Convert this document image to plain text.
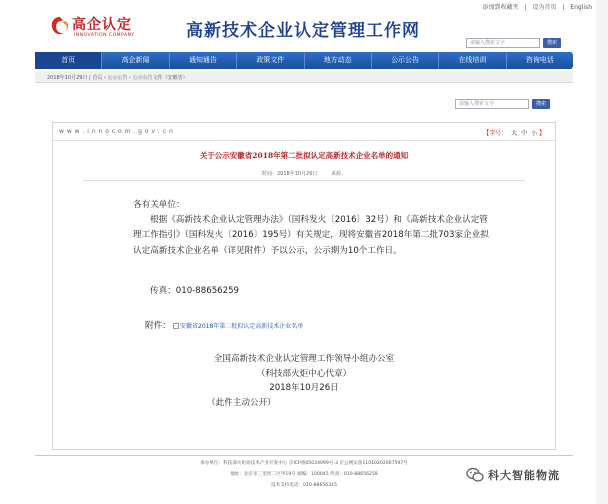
添加到收藏夹 | 设为首页 | English
高企认定
INNOVATION COMPANY	高新技术企业认定管理工作网
请输入搜索文字	搜索
首页	高企新闻	通知通告	政策文件	地方动态	公示公告	在线培训	咨询电话
2018年10月29日 | 首页 › 公示公告 › 公示公告文件（安徽省）
请输入搜索文字	搜索
w w w . i n n o c o m . g o v . c n	【字号： 大 中 小 】
关于公示安徽省2018年第二批拟认定高新技术企业名单的通知
时间：2018年10月26日	来源：
各有关单位：
根据《高新技术企业认定管理办法》（国科发火〔2016〕32号）和《高新技术企业认定管理工作指引》（国科发火〔2016〕195号）有关规定，现将安徽省2018年第二批703家企业拟认定高新技术企业名单（详见附件）予以公示，公示期为10个工作日。
传真：010-88656259
附件： 安徽省2018年第二批拟认定高新技术企业名单
全国高新技术企业认定管理工作领导小组办公室
（科技部火炬中心代章）
2018年10月26日
（此件主动公开）
承办单位：科技部火炬高技术产业开发中心 京ICP备05034099号-3 京公网安备11010202007597号
地址：北京市三里河二区甲19号 邮编：100045 传真：010-88656259
技术支持电话：010-88656315
科大智能物流
